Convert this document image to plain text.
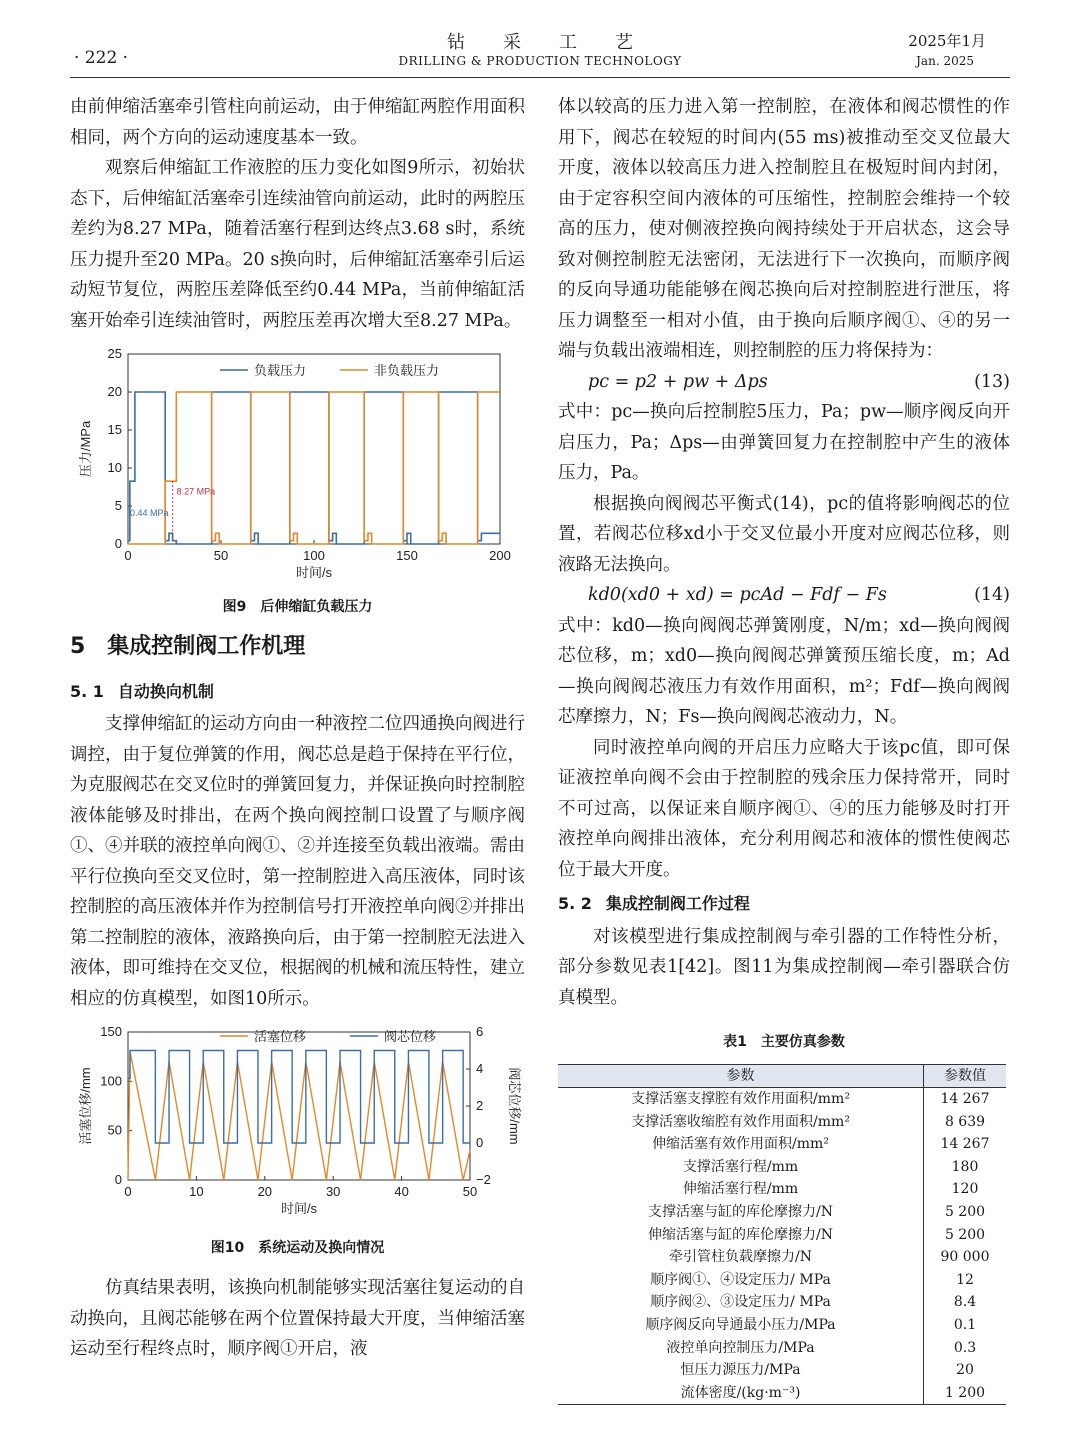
· 222 ·
钻采工艺
DRILLING & PRODUCTION TECHNOLOGY
2025年1月
Jan. 2025

由前伸缩活塞牵引管柱向前运动，由于伸缩缸两腔作用面积相同，两个方向的运动速度基本一致。

观察后伸缩缸工作液腔的压力变化如图9所示，初始状态下，后伸缩缸活塞牵引连续油管向前运动，此时的两腔压差约为8.27 MPa，随着活塞行程到达终点3.68 s时，系统压力提升至20 MPa。20 s换向时，后伸缩缸活塞牵引后运动短节复位，两腔压差降低至约0.44 MPa，当前伸缩缸活塞开始牵引连续油管时，两腔压差再次增大至8.27 MPa。

0
5
10
15
20
25
0	50	100	150	200
时间/s
压力/MPa
负载压力	非负载压力
8.27 MPa
0.44 MPa
图9　后伸缩缸负载压力
5　集成控制阀工作机理
5. 1 自动换向机制

支撑伸缩缸的运动方向由一种液控二位四通换向阀进行调控，由于复位弹簧的作用，阀芯总是趋于保持在平行位，为克服阀芯在交叉位时的弹簧回复力，并保证换向时控制腔液体能够及时排出，在两个换向阀控制口设置了与顺序阀①、④并联的液控单向阀①、②并连接至负载出液端。需由平行位换向至交叉位时，第一控制腔进入高压液体，同时该控制腔的高压液体并作为控制信号打开液控单向阀②并排出第二控制腔的液体，液路换向后，由于第一控制腔无法进入液体，即可维持在交叉位，根据阀的机械和流压特性，建立相应的仿真模型，如图10所示。

0
50
100
150
−2
0
2
4
6
0	10	20	30	40	50
时间/s
活塞位移/mm	阀芯位移/mm
活塞位移	阀芯位移
图10　系统运动及换向情况

仿真结果表明，该换向机制能够实现活塞往复运动的自动换向，且阀芯能够在两个位置保持最大开度，当伸缩活塞运动至行程终点时，顺序阀①开启，液

体以较高的压力进入第一控制腔，在液体和阀芯惯性的作用下，阀芯在较短的时间内(55 ms)被推动至交叉位最大开度，液体以较高压力进入控制腔且在极短时间内封闭，由于定容积空间内液体的可压缩性，控制腔会维持一个较高的压力，使对侧液控换向阀持续处于开启状态，这会导致对侧控制腔无法密闭，无法进行下一次换向，而顺序阀的反向导通功能能够在阀芯换向后对控制腔进行泄压，将压力调整至一相对小值，由于换向后顺序阀①、④的另一端与负载出液端相连，则控制腔的压力将保持为：

pc = p2 + pw + Δps	(13)

式中：pc—换向后控制腔5压力，Pa；pw—顺序阀反向开启压力，Pa；Δps—由弹簧回复力在控制腔中产生的液体压力，Pa。

根据换向阀阀芯平衡式(14)，pc的值将影响阀芯的位置，若阀芯位移xd小于交叉位最小开度对应阀芯位移，则液路无法换向。

kd0(xd0 + xd) = pcAd − Fdf − Fs	(14)

式中：kd0—换向阀阀芯弹簧刚度，N/m；xd—换向阀阀芯位移，m；xd0—换向阀阀芯弹簧预压缩长度，m；Ad—换向阀阀芯液压力有效作用面积，m²；Fdf—换向阀阀芯摩擦力，N；Fs—换向阀阀芯液动力，N。

同时液控单向阀的开启压力应略大于该pc值，即可保证液控单向阀不会由于控制腔的残余压力保持常开，同时不可过高，以保证来自顺序阀①、④的压力能够及时打开液控单向阀排出液体，充分利用阀芯和液体的惯性使阀芯位于最大开度。

5. 2 集成控制阀工作过程

对该模型进行集成控制阀与牵引器的工作特性分析，部分参数见表1[42]。图11为集成控制阀—牵引器联合仿真模型。

表1　主要仿真参数
参数	参数值
支撑活塞支撑腔有效作用面积/mm²	14 267
支撑活塞收缩腔有效作用面积/mm²	8 639
伸缩活塞有效作用面积/mm²	14 267
支撑活塞行程/mm	180
伸缩活塞行程/mm	120
支撑活塞与缸的库伦摩擦力/N	5 200
伸缩活塞与缸的库伦摩擦力/N	5 200
牵引管柱负载摩擦力/N	90 000
顺序阀①、④设定压力/ MPa	12
顺序阀②、③设定压力/ MPa	8.4
顺序阀反向导通最小压力/MPa	0.1
液控单向控制压力/MPa	0.3
恒压力源压力/MPa	20
流体密度/(kg·m⁻³)	1 200
